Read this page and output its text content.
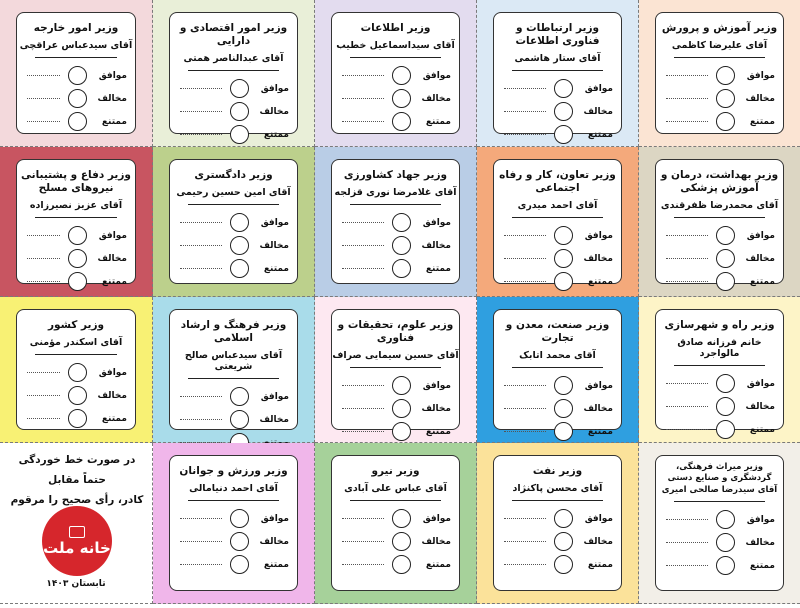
وزیر آموزش و پرورش
آقای علیرضا کاظمی
موافق
مخالف
ممتنع
وزیر ارتباطات و فناوری اطلاعات
آقای ستار هاشمی
موافق
مخالف
ممتنع
وزیر اطلاعات
آقای سیداسماعیل خطیب
موافق
مخالف
ممتنع
وزیر امور اقتصادی و دارایی
آقای عبدالناصر همتی
موافق
مخالف
ممتنع
وزیر امور خارجه
آقای سیدعباس عراقچی
موافق
مخالف
ممتنع
وزیر بهداشت، درمان و آموزش پزشکی
آقای محمدرضا ظفرقندی
موافق
مخالف
ممتنع
وزیر تعاون، کار و رفاه اجتماعی
آقای احمد میدری
موافق
مخالف
ممتنع
وزیر جهاد کشاورزی
آقای غلامرضا نوری قزلجه
موافق
مخالف
ممتنع
وزیر دادگستری
آقای امین حسین رحیمی
موافق
مخالف
ممتنع
وزیر دفاع و پشتیبانی نیروهای مسلح
آقای عزیز نصیرزاده
موافق
مخالف
ممتنع
وزیر راه و شهرسازی
خانم فرزانه صادق مالواجرد
موافق
مخالف
ممتنع
وزیر صنعت، معدن و تجارت
آقای محمد اتابک
موافق
مخالف
ممتنع
وزیر علوم، تحقیقات و فناوری
آقای حسین سیمایی صراف
موافق
مخالف
ممتنع
وزیر فرهنگ و ارشاد اسلامی
آقای سیدعباس صالح شریعتی
موافق
مخالف
وزیر کشور
آقای اسکندر مؤمنی
موافق
مخالف
ممتنع
وزیر میراث فرهنگی، گردشگری و صنایع دستی
آقای سیدرضا صالحی امیری
موافق
مخالف
ممتنع
وزیر نفت
آقای محسن پاکنژاد
موافق
مخالف
ممتنع
وزیر نیرو
آقای عباس علی آبادی
موافق
مخالف
ممتنع
وزیر ورزش و جوانان
آقای احمد دنیامالی
موافق
مخالف
ممتنع
در صورت خط خوردگی حتماً مقابل
کادر، رأی صحیح را مرقوم
خانه ملت
تابستان ۱۴۰۳
